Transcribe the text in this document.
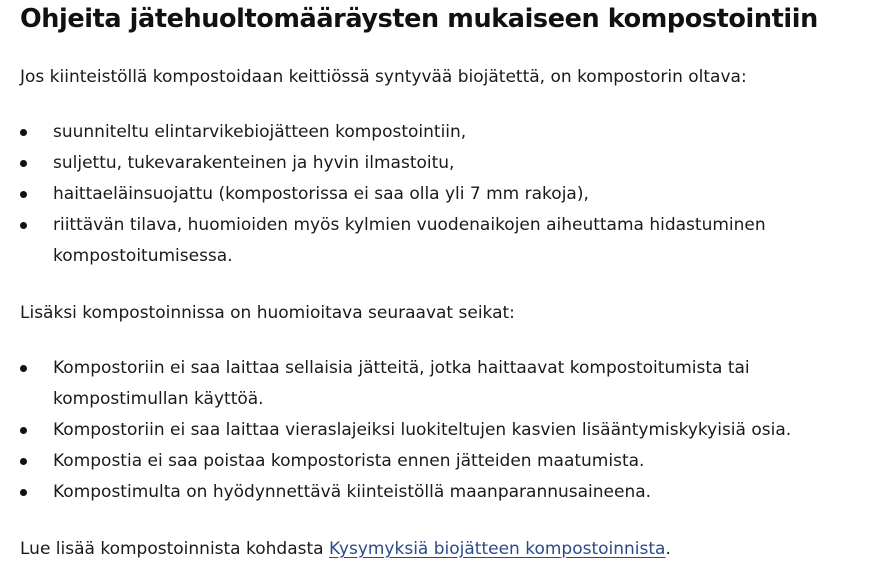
Ohjeita jätehuoltomääräysten mukaiseen kompostointiin

Jos kiinteistöllä kompostoidaan keittiössä syntyvää biojätettä, on kompostorin oltava:

suunniteltu elintarvikebiojätteen kompostointiin,
suljettu, tukevarakenteinen ja hyvin ilmastoitu,
haittaeläinsuojattu (kompostorissa ei saa olla yli 7 mm rakoja),
riittävän tilava, huomioiden myös kylmien vuodenaikojen aiheuttama hidastuminen
kompostoitumisessa.

Lisäksi kompostoinnissa on huomioitava seuraavat seikat:

Kompostoriin ei saa laittaa sellaisia jätteitä, jotka haittaavat kompostoitumista tai
kompostimullan käyttöä.
Kompostoriin ei saa laittaa vieraslajeiksi luokiteltujen kasvien lisääntymiskykyisiä osia.
Kompostia ei saa poistaa kompostorista ennen jätteiden maatumista.
Kompostimulta on hyödynnettävä kiinteistöllä maanparannusaineena.

Lue lisää kompostoinnista kohdasta Kysymyksiä biojätteen kompostoinnista.
